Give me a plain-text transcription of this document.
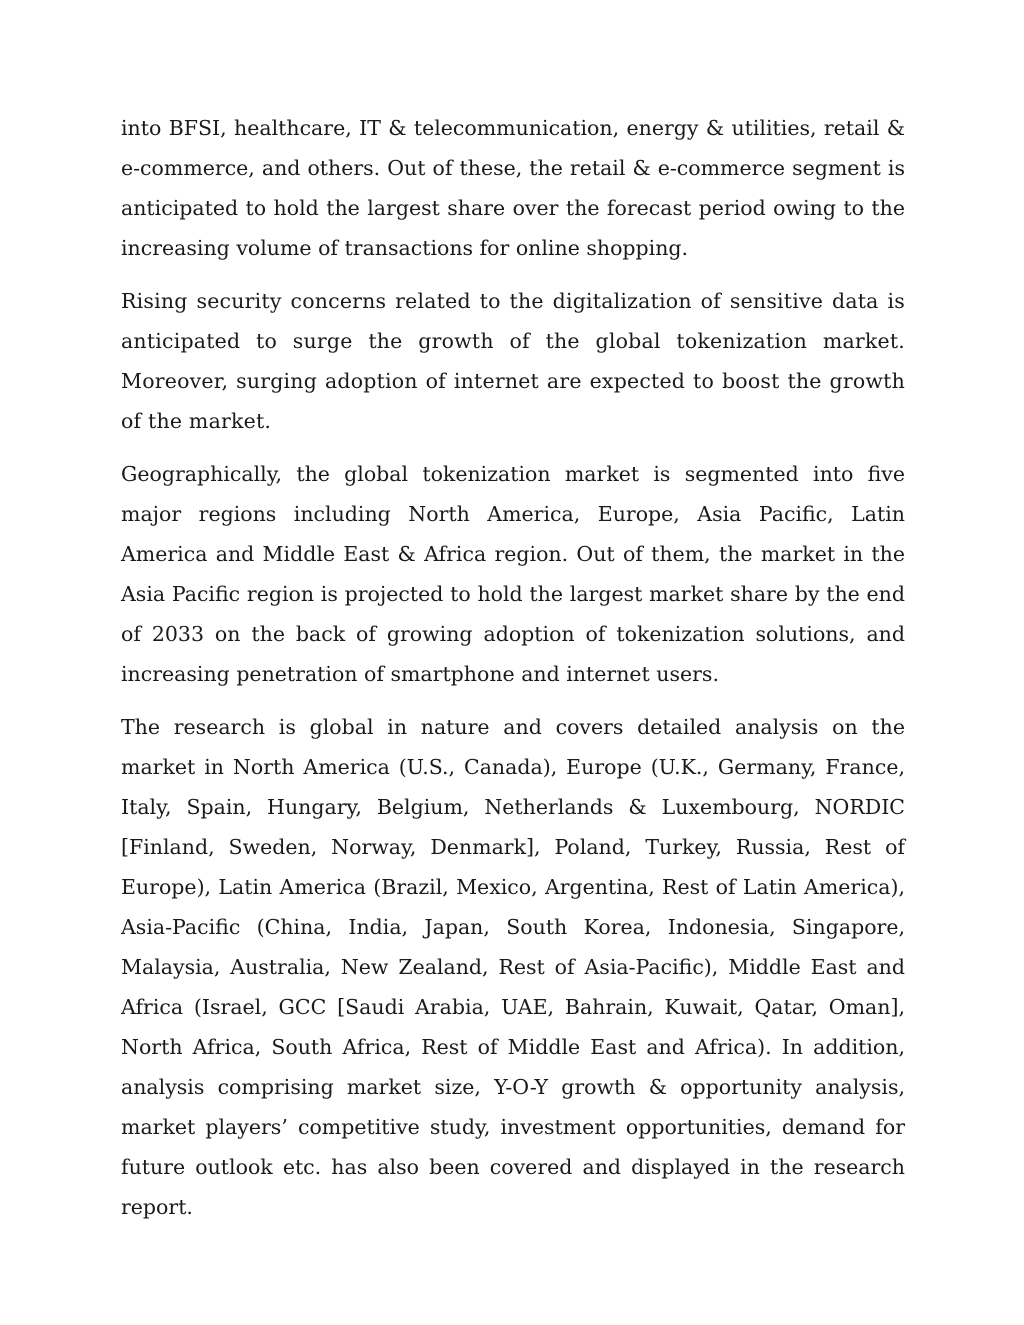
into BFSI, healthcare, IT & telecommunication, energy & utilities, retail & e-commerce, and others. Out of these, the retail & e-commerce segment is anticipated to hold the largest share over the forecast period owing to the increasing volume of transactions for online shopping.

Rising security concerns related to the digitalization of sensitive data is anticipated to surge the growth of the global tokenization market. Moreover, surging adoption of internet are expected to boost the growth of the market.

Geographically, the global tokenization market is segmented into five major regions including North America, Europe, Asia Pacific, Latin America and Middle East & Africa region. Out of them, the market in the Asia Pacific region is projected to hold the largest market share by the end of 2033 on the back of growing adoption of tokenization solutions, and increasing penetration of smartphone and internet users.

The research is global in nature and covers detailed analysis on the market in North America (U.S., Canada), Europe (U.K., Germany, France, Italy, Spain, Hungary, Belgium, Netherlands & Luxembourg, NORDIC [Finland, Sweden, Norway, Denmark], Poland, Turkey, Russia, Rest of Europe), Latin America (Brazil, Mexico, Argentina, Rest of Latin America), Asia-Pacific (China, India, Japan, South Korea, Indonesia, Singapore, Malaysia, Australia, New Zealand, Rest of Asia-Pacific), Middle East and Africa (Israel, GCC [Saudi Arabia, UAE, Bahrain, Kuwait, Qatar, Oman], North Africa, South Africa, Rest of Middle East and Africa). In addition, analysis comprising market size, Y-O-Y growth & opportunity analysis, market players’ competitive study, investment opportunities, demand for future outlook etc. has also been covered and displayed in the research report.
